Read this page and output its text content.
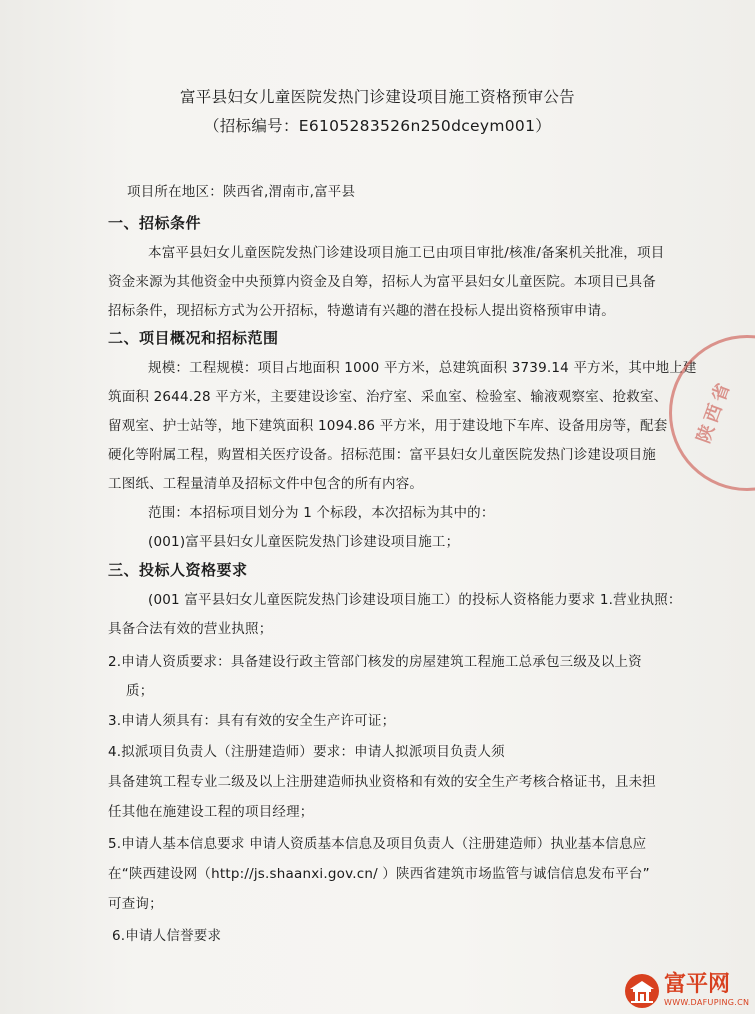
富平县妇女儿童医院发热门诊建设项目施工资格预审公告
（招标编号：E6105283526n250dceym001）
项目所在地区：陕西省,渭南市,富平县
一、招标条件
本富平县妇女儿童医院发热门诊建设项目施工已由项目审批/核准/备案机关批准，项目
资金来源为其他资金中央预算内资金及自筹，招标人为富平县妇女儿童医院。本项目已具备
招标条件，现招标方式为公开招标，特邀请有兴趣的潜在投标人提出资格预审申请。
二、项目概况和招标范围
规模：工程规模：项目占地面积 1000 平方米，总建筑面积 3739.14 平方米，其中地上建
筑面积 2644.28 平方米，主要建设诊室、治疗室、采血室、检验室、输液观察室、抢救室、
留观室、护士站等，地下建筑面积 1094.86 平方米，用于建设地下车库、设备用房等，配套
硬化等附属工程，购置相关医疗设备。招标范围：富平县妇女儿童医院发热门诊建设项目施
工图纸、工程量清单及招标文件中包含的所有内容。
范围：本招标项目划分为 1 个标段，本次招标为其中的：
(001)富平县妇女儿童医院发热门诊建设项目施工；
三、投标人资格要求
(001 富平县妇女儿童医院发热门诊建设项目施工）的投标人资格能力要求 1.营业执照：
具备合法有效的营业执照；
2.申请人资质要求：具备建设行政主管部门核发的房屋建筑工程施工总承包三级及以上资
质；
3.申请人须具有：具有有效的安全生产许可证；
4.拟派项目负责人（注册建造师）要求：申请人拟派项目负责人须
具备建筑工程专业二级及以上注册建造师执业资格和有效的安全生产考核合格证书，且未担
任其他在施建设工程的项目经理；
5.申请人基本信息要求 申请人资质基本信息及项目负责人（注册建造师）执业基本信息应
在“陕西建设网（http://js.shaanxi.gov.cn/ ）陕西省建筑市场监管与诚信信息发布平台”
可查询；
6.申请人信誉要求
陕西省
富平网
WWW.DAFUPING.CN
